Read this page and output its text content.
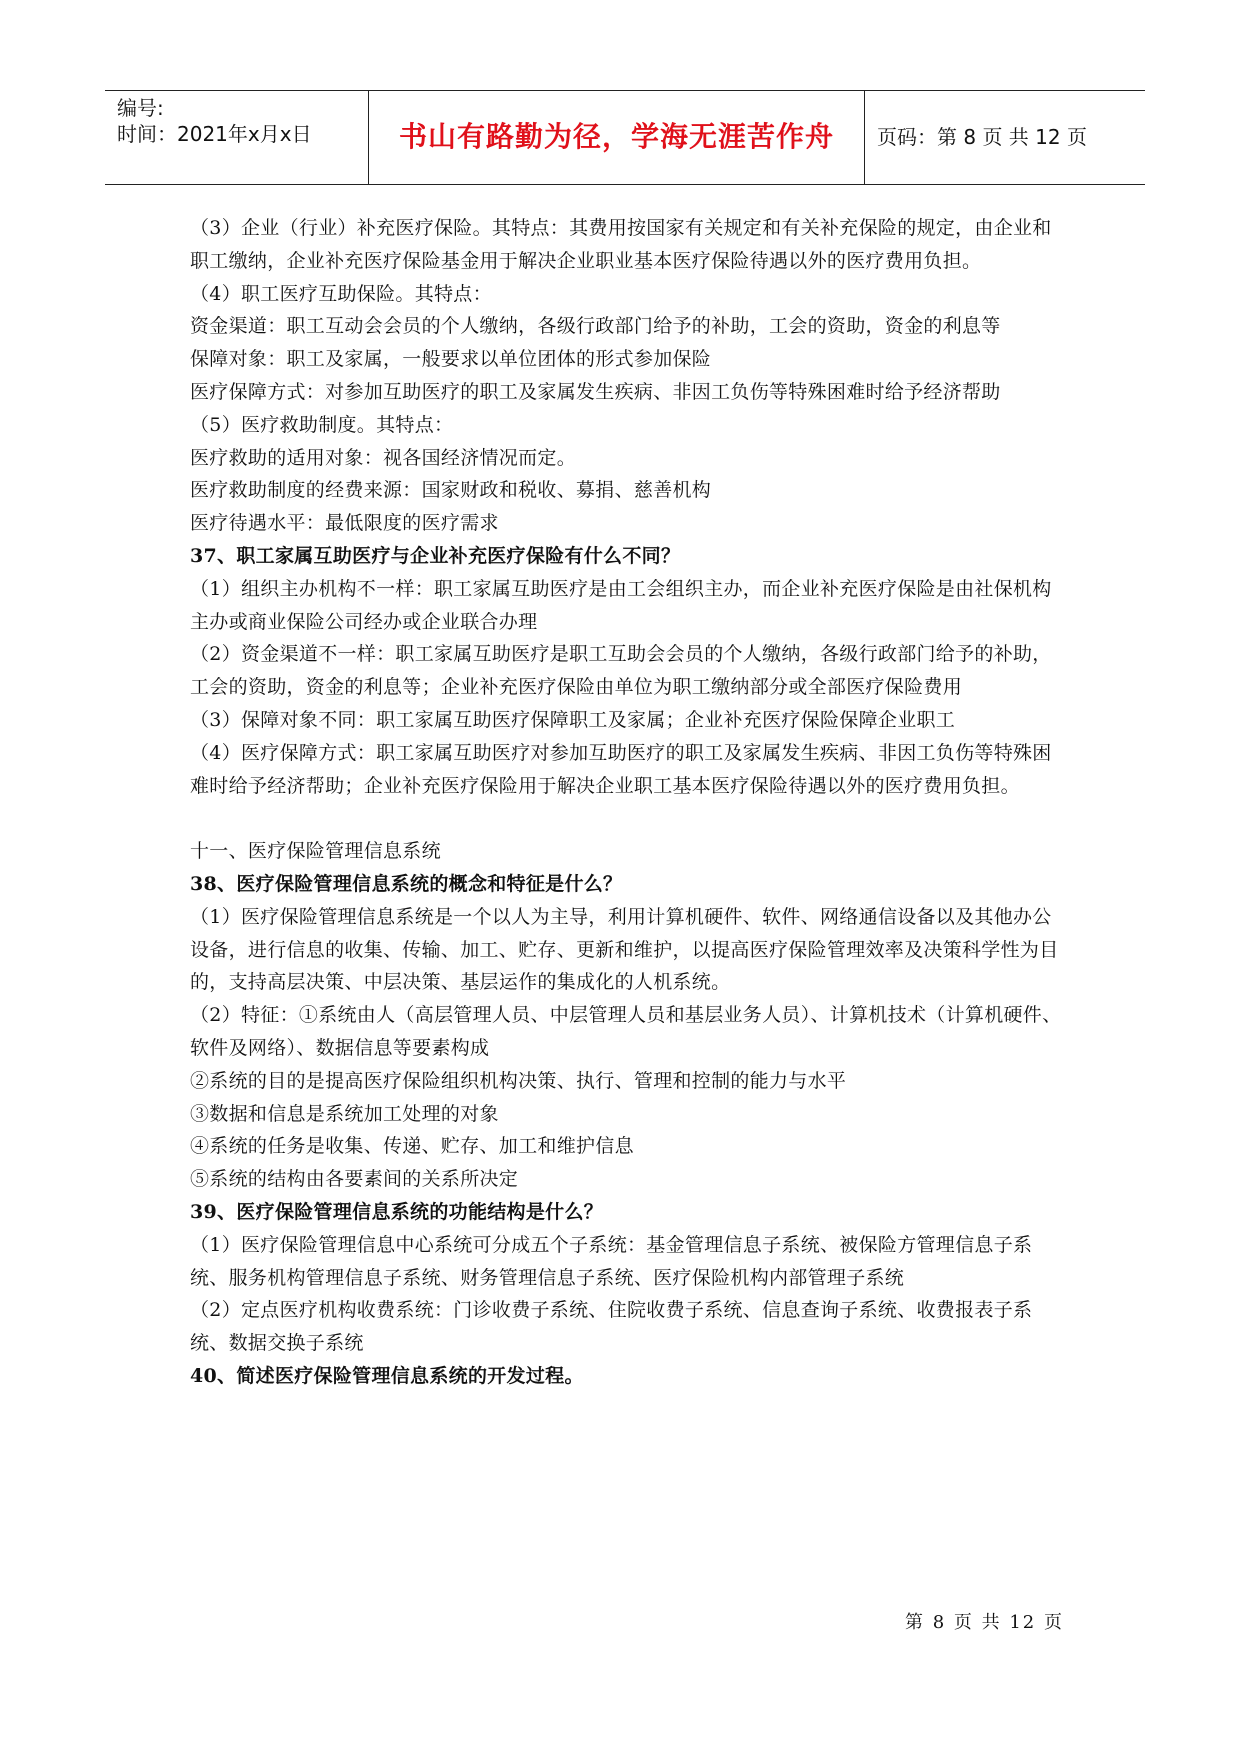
编号:
时间：2021年x月x日	书山有路勤为径，学海无涯苦作舟	页码：第 8 页 共 12 页

（3）企业（行业）补充医疗保险。其特点：其费用按国家有关规定和有关补充保险的规定，由企业和职工缴纳，企业补充医疗保险基金用于解决企业职业基本医疗保险待遇以外的医疗费用负担。

（4）职工医疗互助保险。其特点：

资金渠道：职工互动会会员的个人缴纳，各级行政部门给予的补助，工会的资助，资金的利息等

保障对象：职工及家属，一般要求以单位团体的形式参加保险

医疗保障方式：对参加互助医疗的职工及家属发生疾病、非因工负伤等特殊困难时给予经济帮助

（5）医疗救助制度。其特点：

医疗救助的适用对象：视各国经济情况而定。

医疗救助制度的经费来源：国家财政和税收、募捐、慈善机构

医疗待遇水平：最低限度的医疗需求

37、职工家属互助医疗与企业补充医疗保险有什么不同？

（1）组织主办机构不一样：职工家属互助医疗是由工会组织主办，而企业补充医疗保险是由社保机构主办或商业保险公司经办或企业联合办理

（2）资金渠道不一样：职工家属互助医疗是职工互助会会员的个人缴纳，各级行政部门给予的补助，工会的资助，资金的利息等；企业补充医疗保险由单位为职工缴纳部分或全部医疗保险费用

（3）保障对象不同：职工家属互助医疗保障职工及家属；企业补充医疗保险保障企业职工

（4）医疗保障方式：职工家属互助医疗对参加互助医疗的职工及家属发生疾病、非因工负伤等特殊困难时给予经济帮助；企业补充医疗保险用于解决企业职工基本医疗保险待遇以外的医疗费用负担。

十一、医疗保险管理信息系统

38、医疗保险管理信息系统的概念和特征是什么？

（1）医疗保险管理信息系统是一个以人为主导，利用计算机硬件、软件、网络通信设备以及其他办公设备，进行信息的收集、传输、加工、贮存、更新和维护，以提高医疗保险管理效率及决策科学性为目的，支持高层决策、中层决策、基层运作的集成化的人机系统。

（2）特征：①系统由人（高层管理人员、中层管理人员和基层业务人员）、计算机技术（计算机硬件、软件及网络）、数据信息等要素构成

②系统的目的是提高医疗保险组织机构决策、执行、管理和控制的能力与水平

③数据和信息是系统加工处理的对象

④系统的任务是收集、传递、贮存、加工和维护信息

⑤系统的结构由各要素间的关系所决定

39、医疗保险管理信息系统的功能结构是什么？

（1）医疗保险管理信息中心系统可分成五个子系统：基金管理信息子系统、被保险方管理信息子系统、服务机构管理信息子系统、财务管理信息子系统、医疗保险机构内部管理子系统

（2）定点医疗机构收费系统：门诊收费子系统、住院收费子系统、信息查询子系统、收费报表子系统、数据交换子系统

40、简述医疗保险管理信息系统的开发过程。

第 8 页 共 12 页
